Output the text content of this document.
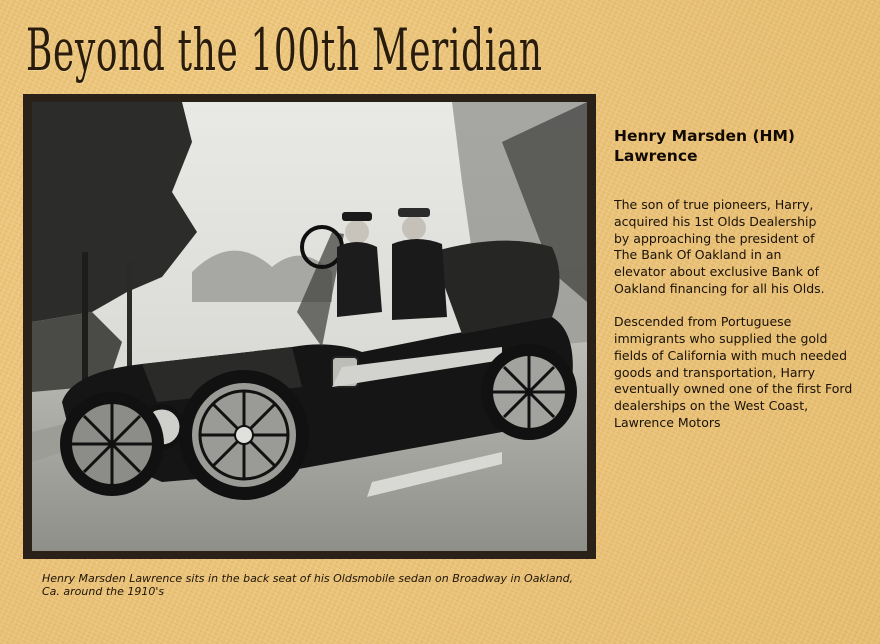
Beyond the 100th Meridian
Henry Marsden Lawrence sits in the back seat of his Oldsmobile sedan on Broadway in Oakland, Ca. around the 1910's
Henry Marsden (HM) Lawrence

The son of true pioneers, Harry, acquired his 1st Olds Dealership by approaching the president of The Bank Of Oakland in an elevator about exclusive Bank of Oakland financing for all his Olds.

Descended from Portuguese immigrants who supplied the gold fields of California with much needed goods and transportation, Harry eventually owned one of the first Ford dealerships on the West Coast, Lawrence Motors
